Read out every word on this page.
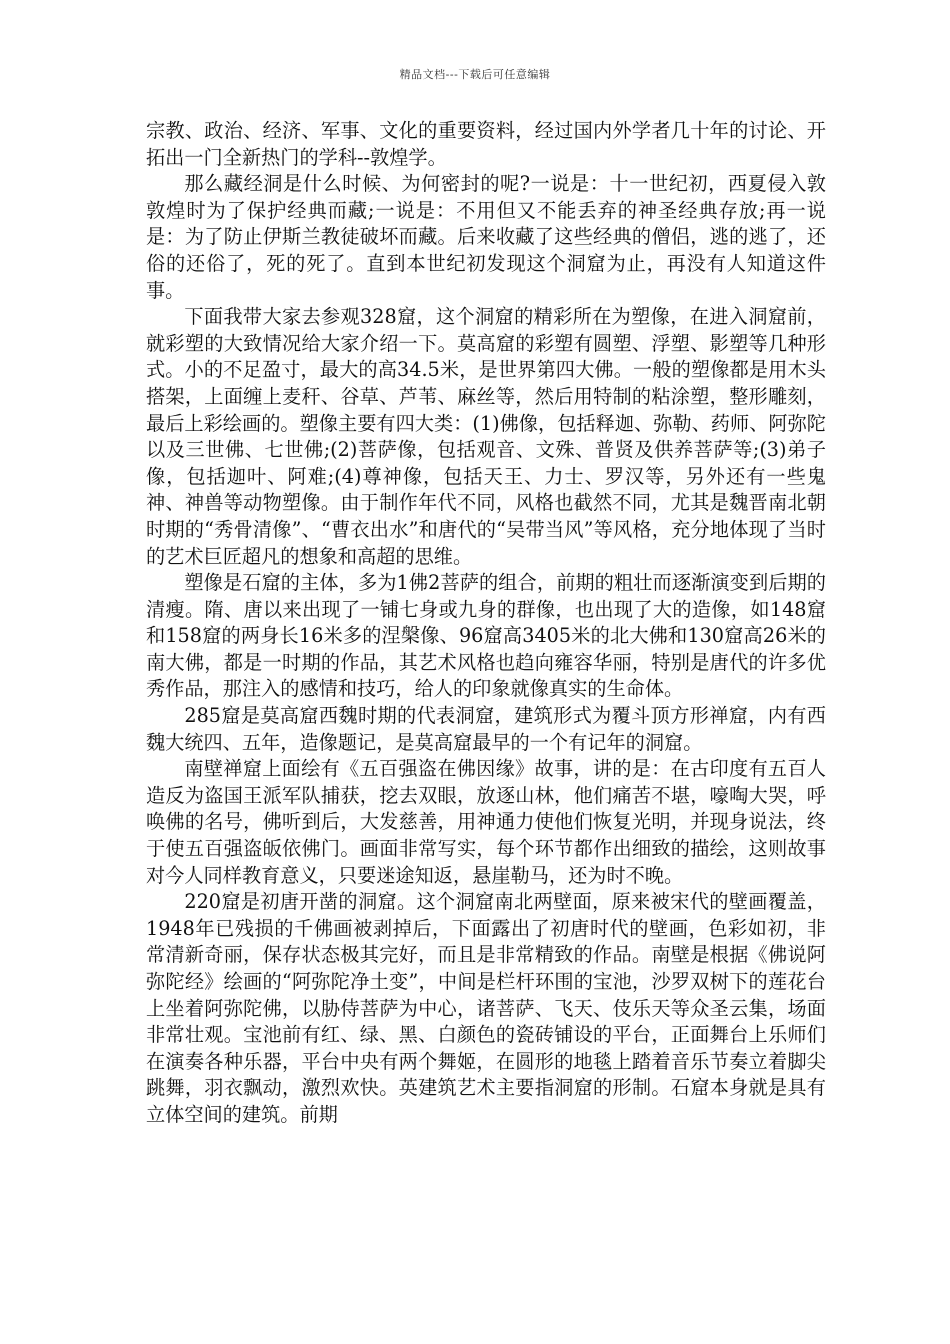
精品文档---下载后可任意编辑

宗教、政治、经济、军事、文化的重要资料，经过国内外学者几十年的讨论、开拓出一门全新热门的学科--敦煌学。

那么藏经洞是什么时候、为何密封的呢?一说是：十一世纪初，西夏侵入敦敦煌时为了保护经典而藏;一说是：不用但又不能丢弃的神圣经典存放;再一说是：为了防止伊斯兰教徒破坏而藏。后来收藏了这些经典的僧侣，逃的逃了，还俗的还俗了，死的死了。直到本世纪初发现这个洞窟为止，再没有人知道这件事。

下面我带大家去参观328窟，这个洞窟的精彩所在为塑像，在进入洞窟前，就彩塑的大致情况给大家介绍一下。莫高窟的彩塑有圆塑、浮塑、影塑等几种形式。小的不足盈寸，最大的高34.5米，是世界第四大佛。一般的塑像都是用木头搭架，上面缠上麦秆、谷草、芦苇、麻丝等，然后用特制的粘涂塑，整形雕刻，最后上彩绘画的。塑像主要有四大类：(1)佛像，包括释迦、弥勒、药师、阿弥陀以及三世佛、七世佛;(2)菩萨像，包括观音、文殊、普贤及供养菩萨等;(3)弟子像，包括迦叶、阿难;(4)尊神像，包括天王、力士、罗汉等，另外还有一些鬼神、神兽等动物塑像。由于制作年代不同，风格也截然不同，尤其是魏晋南北朝时期的“秀骨清像”、“曹衣出水”和唐代的“吴带当风”等风格，充分地体现了当时的艺术巨匠超凡的想象和高超的思维。

塑像是石窟的主体，多为1佛2菩萨的组合，前期的粗壮而逐渐演变到后期的清瘦。隋、唐以来出现了一铺七身或九身的群像，也出现了大的造像，如148窟和158窟的两身长16米多的涅槃像、96窟高3405米的北大佛和130窟高26米的南大佛，都是一时期的作品，其艺术风格也趋向雍容华丽，特别是唐代的许多优秀作品，那注入的感情和技巧，给人的印象就像真实的生命体。

285窟是莫高窟西魏时期的代表洞窟，建筑形式为覆斗顶方形禅窟，内有西魏大统四、五年，造像题记，是莫高窟最早的一个有记年的洞窟。

南壁禅窟上面绘有《五百强盗在佛因缘》故事，讲的是：在古印度有五百人造反为盗国王派军队捕获，挖去双眼，放逐山林，他们痛苦不堪，嚎啕大哭，呼唤佛的名号，佛听到后，大发慈善，用神通力使他们恢复光明，并现身说法，终于使五百强盗皈依佛门。画面非常写实，每个环节都作出细致的描绘，这则故事对今人同样教育意义，只要迷途知返，悬崖勒马，还为时不晚。

220窟是初唐开凿的洞窟。这个洞窟南北两壁面，原来被宋代的壁画覆盖，1948年已残损的千佛画被剥掉后，下面露出了初唐时代的壁画，色彩如初，非常清新奇丽，保存状态极其完好，而且是非常精致的作品。南壁是根据《佛说阿弥陀经》绘画的“阿弥陀净土变”，中间是栏杆环围的宝池，沙罗双树下的莲花台上坐着阿弥陀佛，以胁侍菩萨为中心，诸菩萨、飞天、伎乐天等众圣云集，场面非常壮观。宝池前有红、绿、黑、白颜色的瓷砖铺设的平台，正面舞台上乐师们在演奏各种乐器，平台中央有两个舞姬，在圆形的地毯上踏着音乐节奏立着脚尖跳舞，羽衣飘动，激烈欢快。英建筑艺术主要指洞窟的形制。石窟本身就是具有立体空间的建筑。前期
